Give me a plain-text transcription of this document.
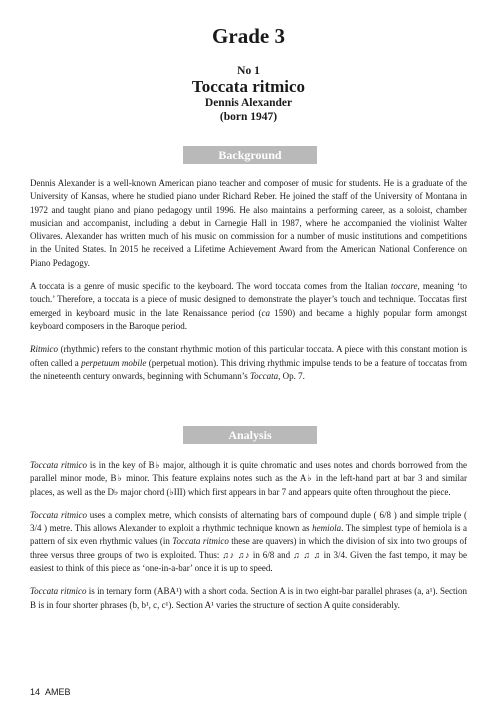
Grade 3
No 1
Toccata ritmico
Dennis Alexander
(born 1947)
Background

Dennis Alexander is a well-known American piano teacher and composer of music for students. He is a graduate of the University of Kansas, where he studied piano under Richard Reber. He joined the staff of the University of Montana in 1972 and taught piano and piano pedagogy until 1996. He also maintains a performing career, as a soloist, chamber musician and accompanist, including a debut in Carnegie Hall in 1987, where he accompanied the violinist Walter Olivares. Alexander has written much of his music on commission for a number of music institutions and competitions in the United States. In 2015 he received a Lifetime Achievement Award from the American National Conference on Piano Pedagogy.

A toccata is a genre of music specific to the keyboard. The word toccata comes from the Italian toccare, meaning ‘to touch.’ Therefore, a toccata is a piece of music designed to demonstrate the player’s touch and technique. Toccatas first emerged in keyboard music in the late Renaissance period (ca 1590) and became a highly popular form amongst keyboard composers in the Baroque period.

Ritmico (rhythmic) refers to the constant rhythmic motion of this particular toccata. A piece with this constant motion is often called a perpetuum mobile (perpetual motion). This driving rhythmic impulse tends to be a feature of toccatas from the nineteenth century onwards, beginning with Schumann’s Toccata, Op. 7.

Analysis

Toccata ritmico is in the key of B♭ major, although it is quite chromatic and uses notes and chords borrowed from the parallel minor mode, B♭ minor. This feature explains notes such as the A♭ in the left-hand part at bar 3 and similar places, as well as the D♭ major chord (♭III) which first appears in bar 7 and appears quite often throughout the piece.

Toccata ritmico uses a complex metre, which consists of alternating bars of compound duple ( 6/8 ) and simple triple ( 3/4 ) metre. This allows Alexander to exploit a rhythmic technique known as hemiola. The simplest type of hemiola is a pattern of six even rhythmic values (in Toccata ritmico these are quavers) in which the division of six into two groups of three versus three groups of two is exploited. Thus: ♫♪ ♫♪ in 6/8 and ♫ ♫ ♫ in 3/4. Given the fast tempo, it may be easiest to think of this piece as ‘one-in-a-bar’ once it is up to speed.

Toccata ritmico is in ternary form (ABA¹) with a short coda. Section A is in two eight-bar parallel phrases (a, a¹). Section B is in four shorter phrases (b, b¹, c, c¹). Section A¹ varies the structure of section A quite considerably.

14 AMEB
